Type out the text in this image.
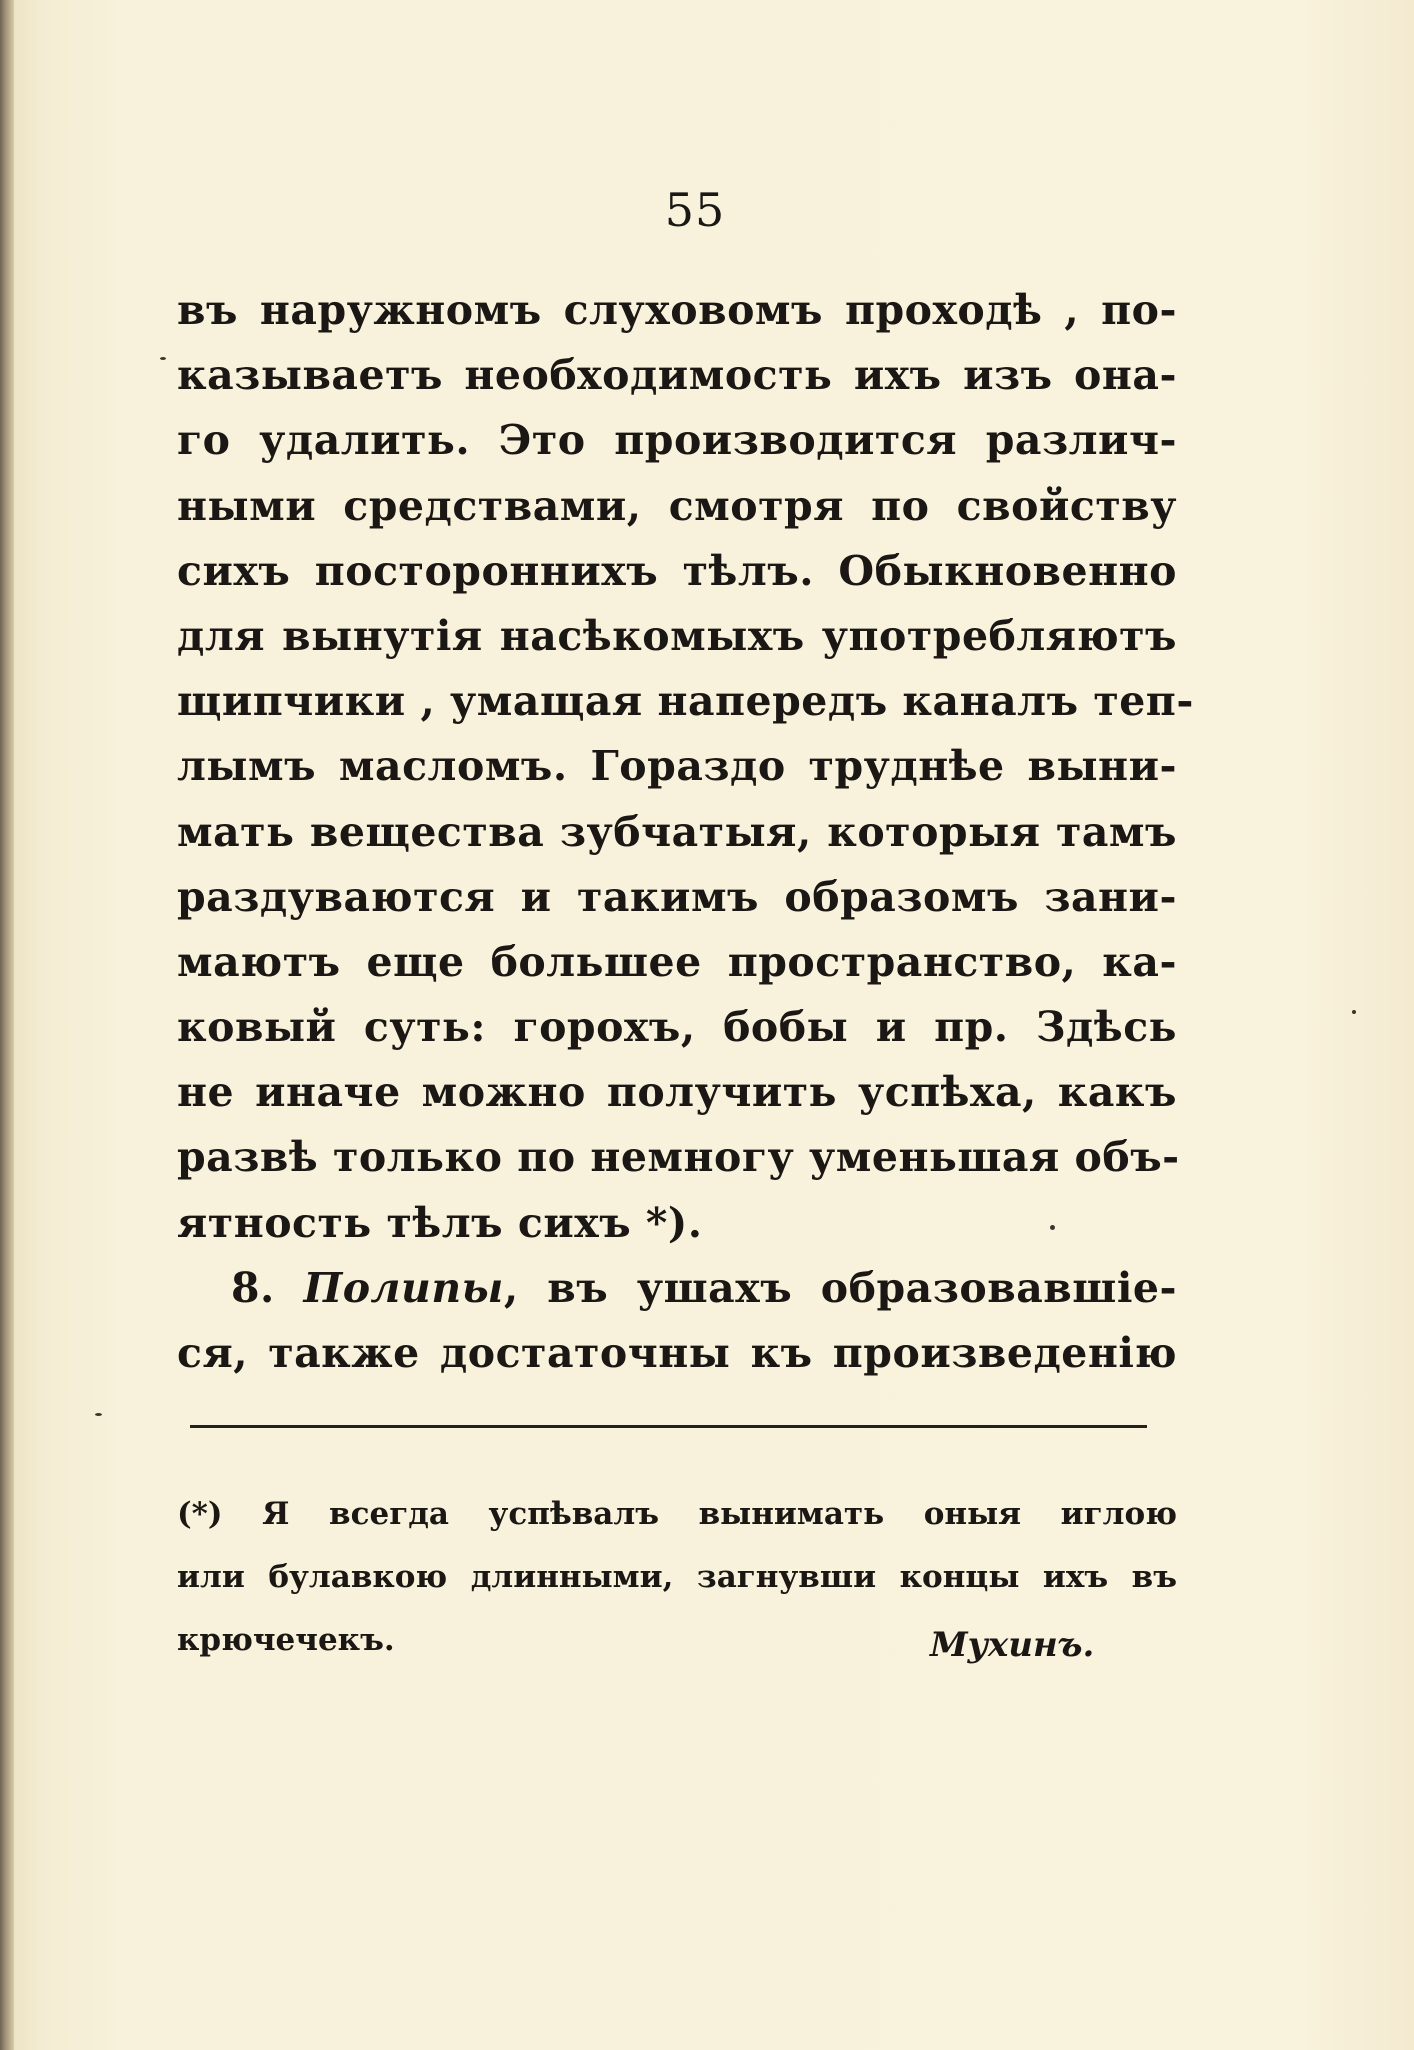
55
въ наружномъ слуховомъ проходѣ , по-
казываетъ необходимость ихъ изъ она-
го удалить. Это производится различ-
ными средствами, смотря по свойству
сихъ постороннихъ тѣлъ. Обыкновенно
для вынутія насѣкомыхъ употребляютъ
щипчики , умащая напередъ каналъ теп-
лымъ масломъ. Гораздо труднѣе выни-
мать вещества зубчатыя, которыя тамъ
раздуваются и такимъ образомъ зани-
маютъ еще большее пространство, ка-
ковый суть: горохъ, бобы и пр. Здѣсь
не иначе можно получить успѣха, какъ
развѣ только по немногу уменьшая объ-
ятность тѣлъ сихъ *).
8. Полипы, въ ушахъ образовавшіе-
ся, также достаточны къ произведенію
(*) Я всегда успѣвалъ вынимать оныя иглою
или булавкою длинными, загнувши концы ихъ въ
крючечекъ.	Мухинъ.
